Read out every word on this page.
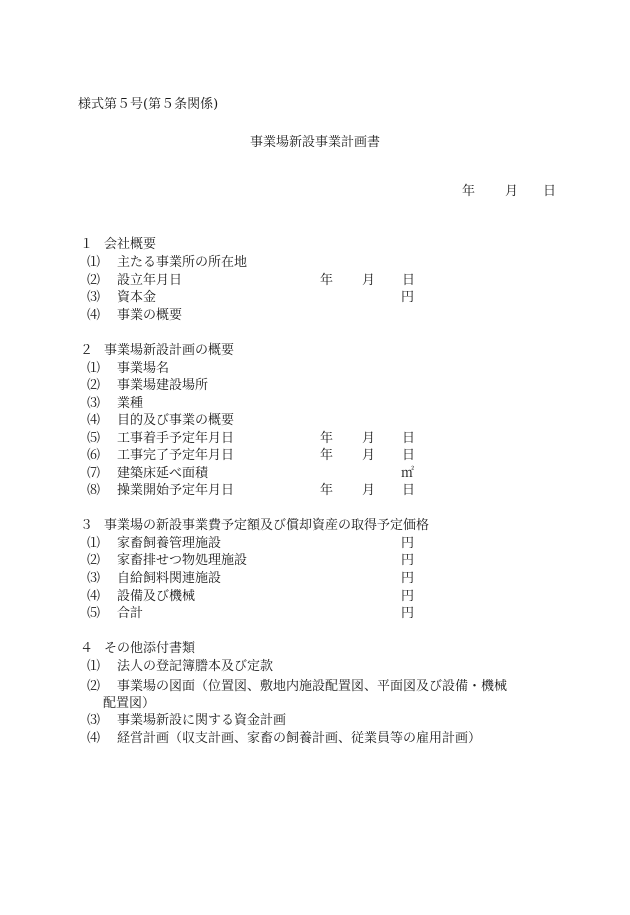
様式第５号(第５条関係)
事業場新設事業計画書
年 月 日
１ 会社概要
⑴ 主たる事業所の所在地
⑵ 設立年月日	年 月 日
⑶ 資本金	円
⑷ 事業の概要
２ 事業場新設計画の概要
⑴ 事業場名
⑵ 事業場建設場所
⑶ 業種
⑷ 目的及び事業の概要
⑸ 工事着手予定年月日	年 月 日
⑹ 工事完了予定年月日	年 月 日
⑺ 建築床延べ面積	㎡
⑻ 操業開始予定年月日	年 月 日
３ 事業場の新設事業費予定額及び償却資産の取得予定価格
⑴ 家畜飼養管理施設	円
⑵ 家畜排せつ物処理施設	円
⑶ 自給飼料関連施設	円
⑷ 設備及び機械	円
⑸ 合計	円
４ その他添付書類
⑴ 法人の登記簿謄本及び定款
⑵ 事業場の図面（位置図、敷地内施設配置図、平面図及び設備・機械
配置図）
⑶ 事業場新設に関する資金計画
⑷ 経営計画（収支計画、家畜の飼養計画、従業員等の雇用計画）
